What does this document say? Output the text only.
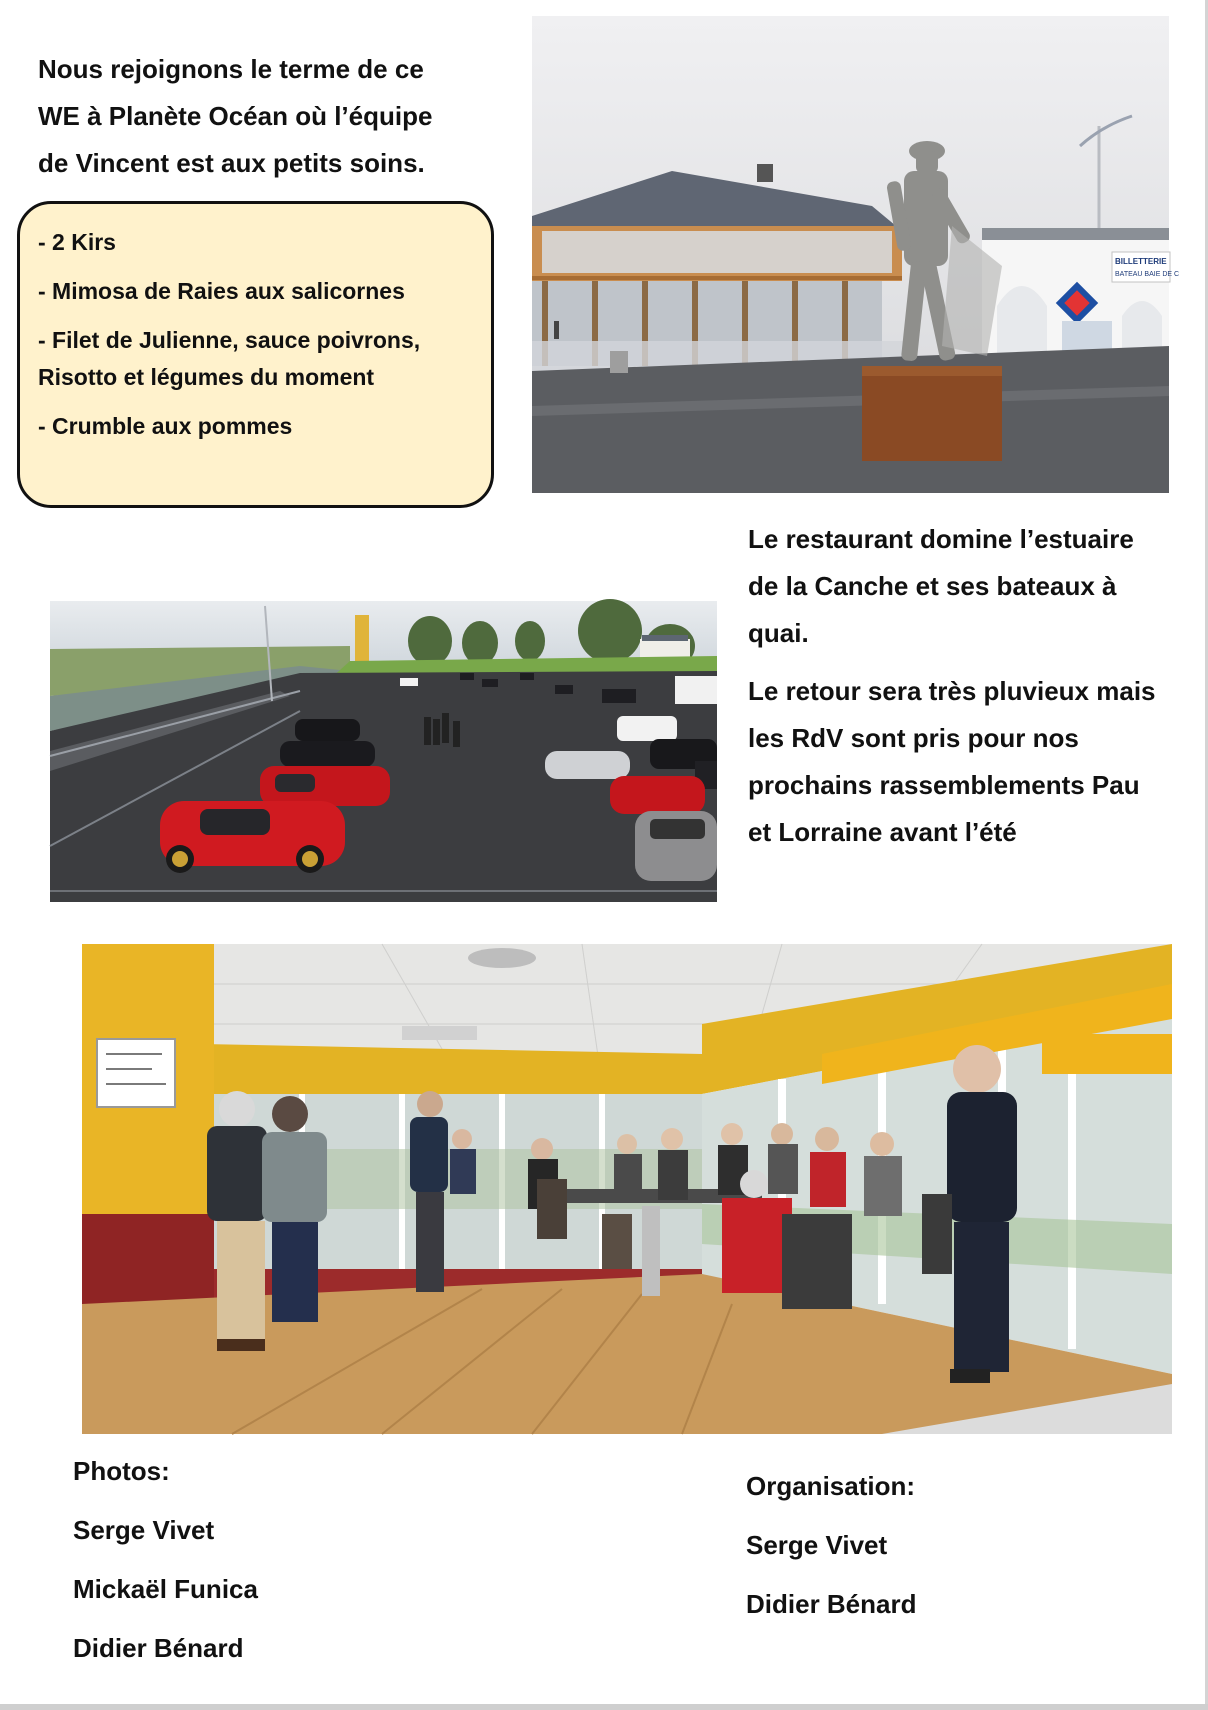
Nous rejoignons le terme de ce
WE à Planète Océan où l’équipe
de Vincent est aux petits soins.
- 2 Kirs
- Mimosa de Raies aux salicornes
- Filet de Julienne, sauce poivrons, Risotto et légumes du moment
- Crumble aux pommes
BILLETTERIE
BATEAU BAIE DE C

Le restaurant domine l’estuaire de la Canche et ses bateaux à quai.

Le retour sera très pluvieux mais les RdV sont pris pour nos prochains rassemblements Pau et Lorraine avant l’été

Photos:
Serge Vivet
Mickaël Funica
Didier Bénard
Organisation:
Serge Vivet
Didier Bénard
